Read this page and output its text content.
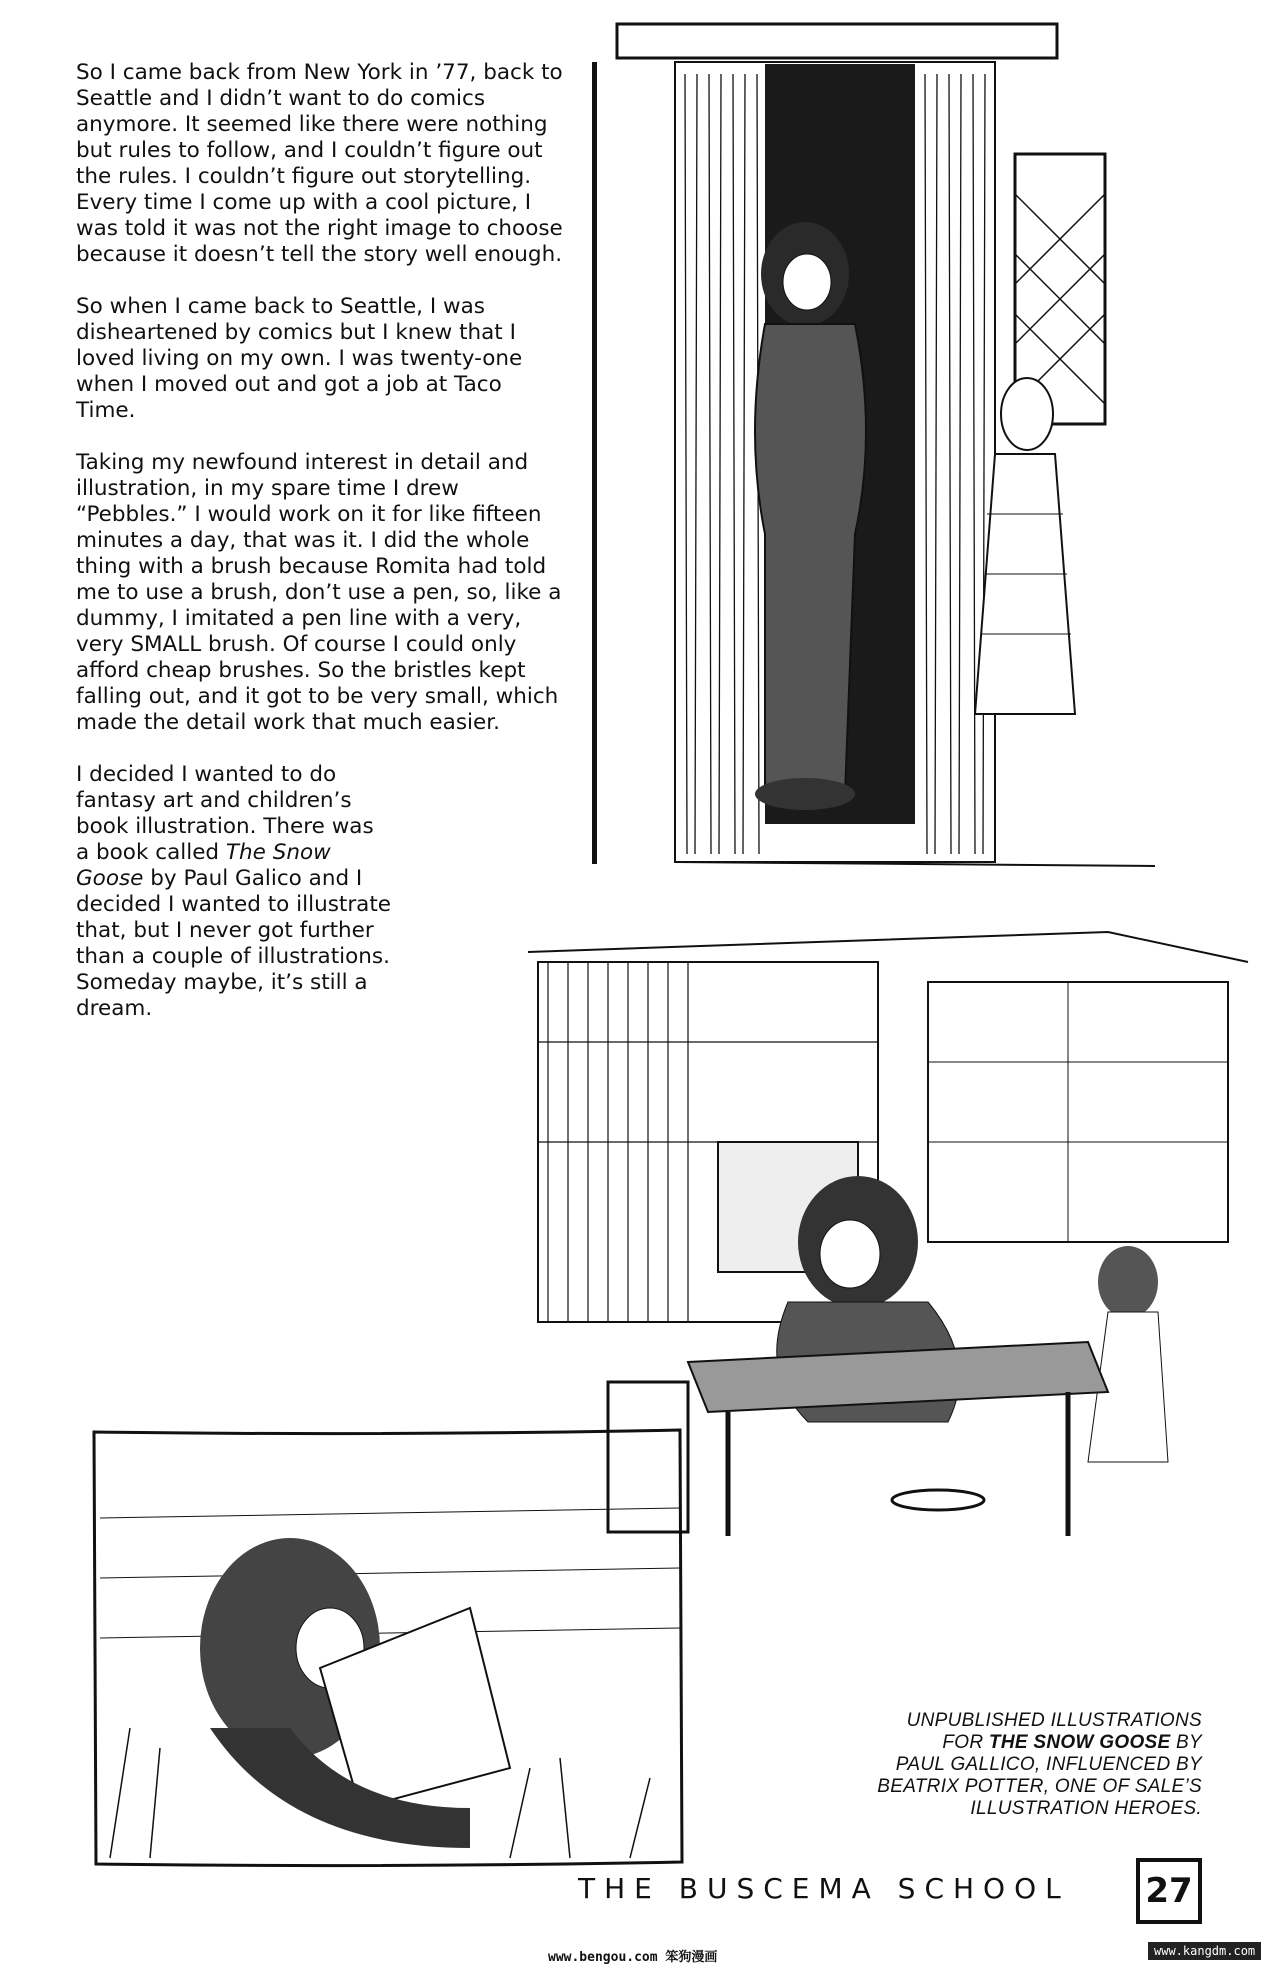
So I came back from New York in ’77, back to Seattle and I didn’t want to do comics anymore. It seemed like there were nothing but rules to follow, and I couldn’t figure out the rules. I couldn’t figure out storytelling. Every time I come up with a cool picture, I was told it was not the right image to choose because it doesn’t tell the story well enough.

So when I came back to Seattle, I was disheartened by comics but I knew that I loved living on my own. I was twenty-one when I moved out and got a job at Taco Time.

Taking my newfound interest in detail and illustration, in my spare time I drew “Pebbles.” I would work on it for like fifteen minutes a day, that was it. I did the whole thing with a brush because Romita had told me to use a brush, don’t use a pen, so, like a dummy, I imitated a pen line with a very, very SMALL brush. Of course I could only afford cheap brushes. So the bristles kept falling out, and it got to be very small, which made the detail work that much easier.

I decided I wanted to do fantasy art and children’s book illustration. There was a book called The Snow Goose by Paul Galico and I decided I wanted to illustrate that, but I never got further than a couple of illustrations. Someday maybe, it’s still a dream.

UNPUBLISHED ILLUSTRATIONS
FOR THE SNOW GOOSE BY
PAUL GALLICO, INFLUENCED BY
BEATRIX POTTER, ONE OF SALE’S
ILLUSTRATION HEROES.
THE BUSCEMA SCHOOL 27
www.bengou.com 笨狗漫画	www.kangdm.com
